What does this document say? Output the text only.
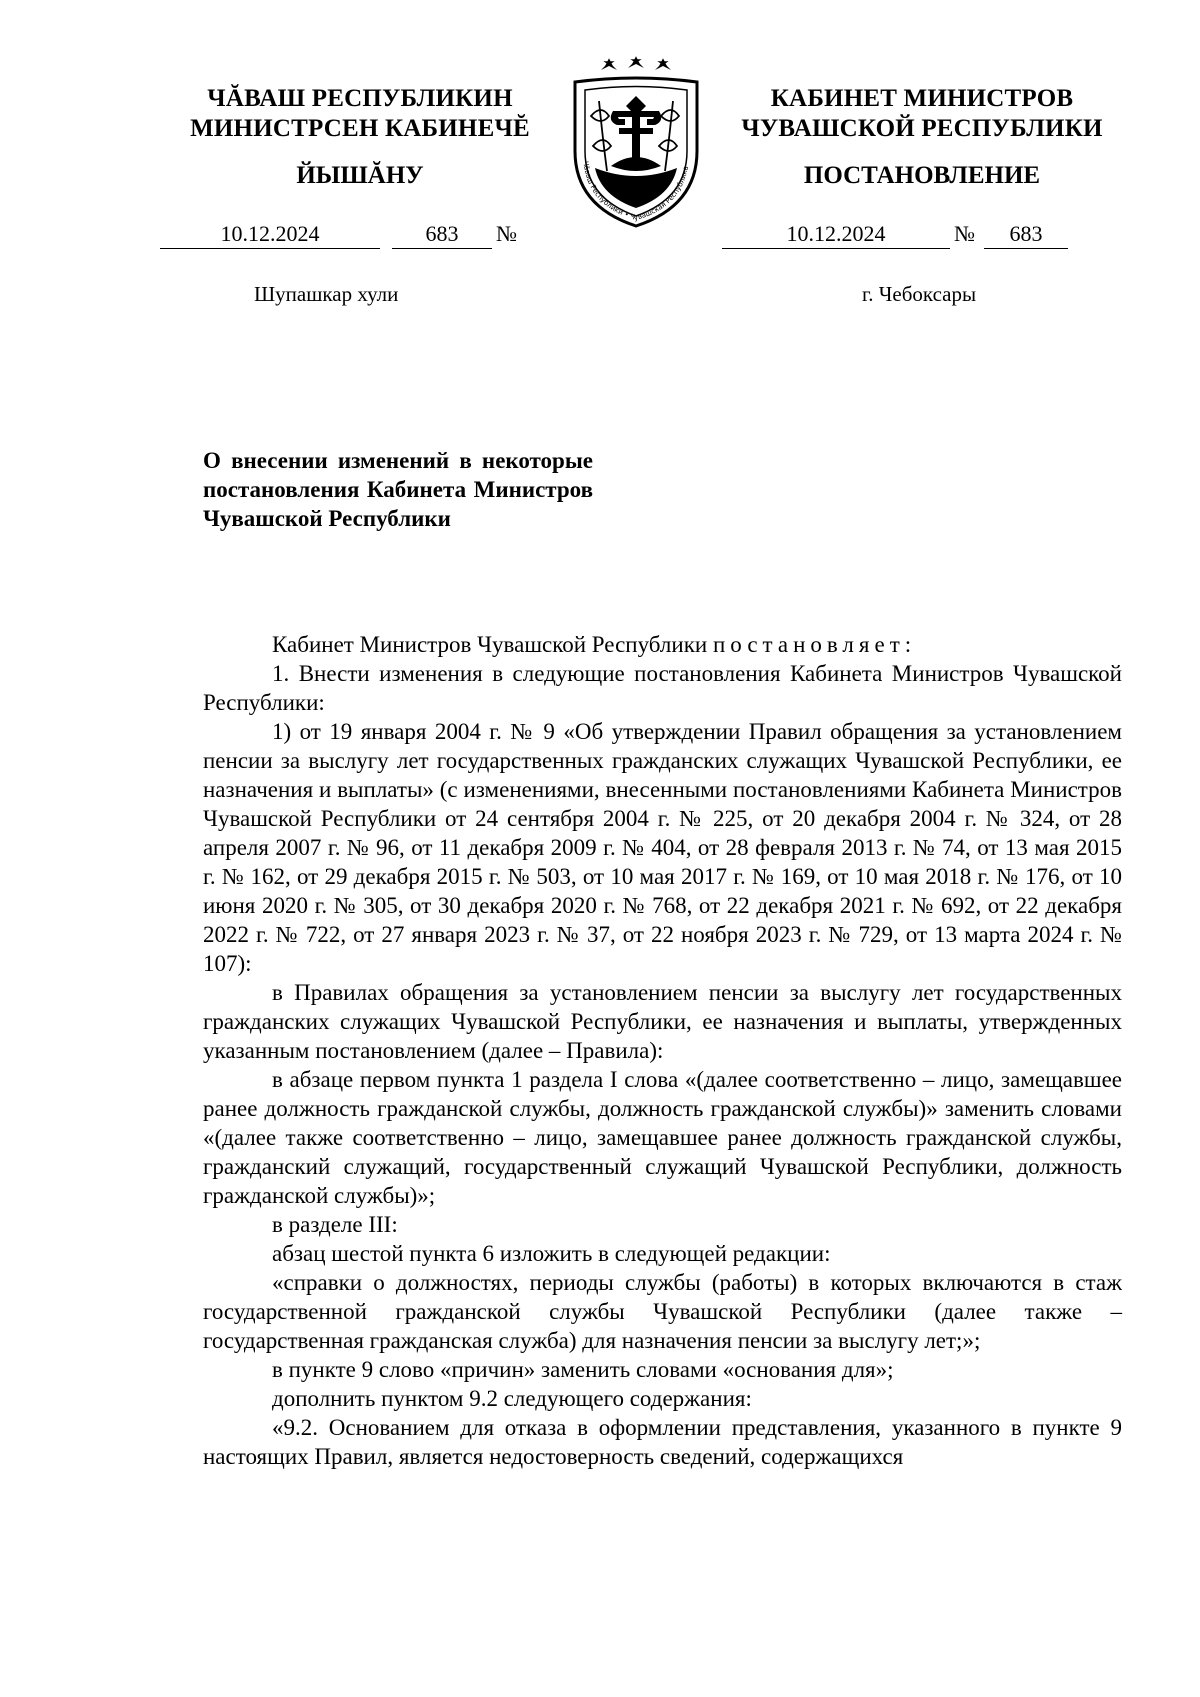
ЧĂВАШ РЕСПУБЛИКИН
МИНИСТРСЕН КАБИНЕЧĔ
ЙЫШĂНУ
КАБИНЕТ МИНИСТРОВ
ЧУВАШСКОЙ РЕСПУБЛИКИ
ПОСТАНОВЛЕНИЕ
Чăваш Республики • Чувашская Республика
10.12.2024	683	№	10.12.2024	№	683
Шупашкар хули	г. Чебоксары
О внесении изменений в некоторые постановления Кабинета Министров Чувашской Республики

Кабинет Министров Чувашской Республики постановляет:

1. Внести изменения в следующие постановления Кабинета Министров Чувашской Республики:

1) от 19 января 2004 г. № 9 «Об утверждении Правил обращения за установлением пенсии за выслугу лет государственных гражданских служащих Чувашской Республики, ее назначения и выплаты» (с изменениями, внесенными постановлениями Кабинета Министров Чувашской Республики от 24 сентября 2004 г. № 225, от 20 декабря 2004 г. № 324, от 28 апреля 2007 г. № 96, от 11 декабря 2009 г. № 404, от 28 февраля 2013 г. № 74, от 13 мая 2015 г. № 162, от 29 декабря 2015 г. № 503, от 10 мая 2017 г. № 169, от 10 мая 2018 г. № 176, от 10 июня 2020 г. № 305, от 30 декабря 2020 г. № 768, от 22 декабря 2021 г. № 692, от 22 декабря 2022 г. № 722, от 27 января 2023 г. № 37, от 22 ноября 2023 г. № 729, от 13 марта 2024 г. № 107):

в Правилах обращения за установлением пенсии за выслугу лет государственных гражданских служащих Чувашской Республики, ее назначения и выплаты, утвержденных указанным постановлением (далее – Правила):

в абзаце первом пункта 1 раздела I слова «(далее соответственно – лицо, замещавшее ранее должность гражданской службы, должность гражданской службы)» заменить словами «(далее также соответственно – лицо, замещавшее ранее должность гражданской службы, гражданский служащий, государственный служащий Чувашской Республики, должность гражданской службы)»;

в разделе III:

абзац шестой пункта 6 изложить в следующей редакции:

«справки о должностях, периоды службы (работы) в которых включаются в стаж государственной гражданской службы Чувашской Республики (далее также – государственная гражданская служба) для назначения пенсии за выслугу лет;»;

в пункте 9 слово «причин» заменить словами «основания для»;

дополнить пунктом 9.2 следующего содержания:

«9.2. Основанием для отказа в оформлении представления, указанного в пункте 9 настоящих Правил, является недостоверность сведений, содержащихся
